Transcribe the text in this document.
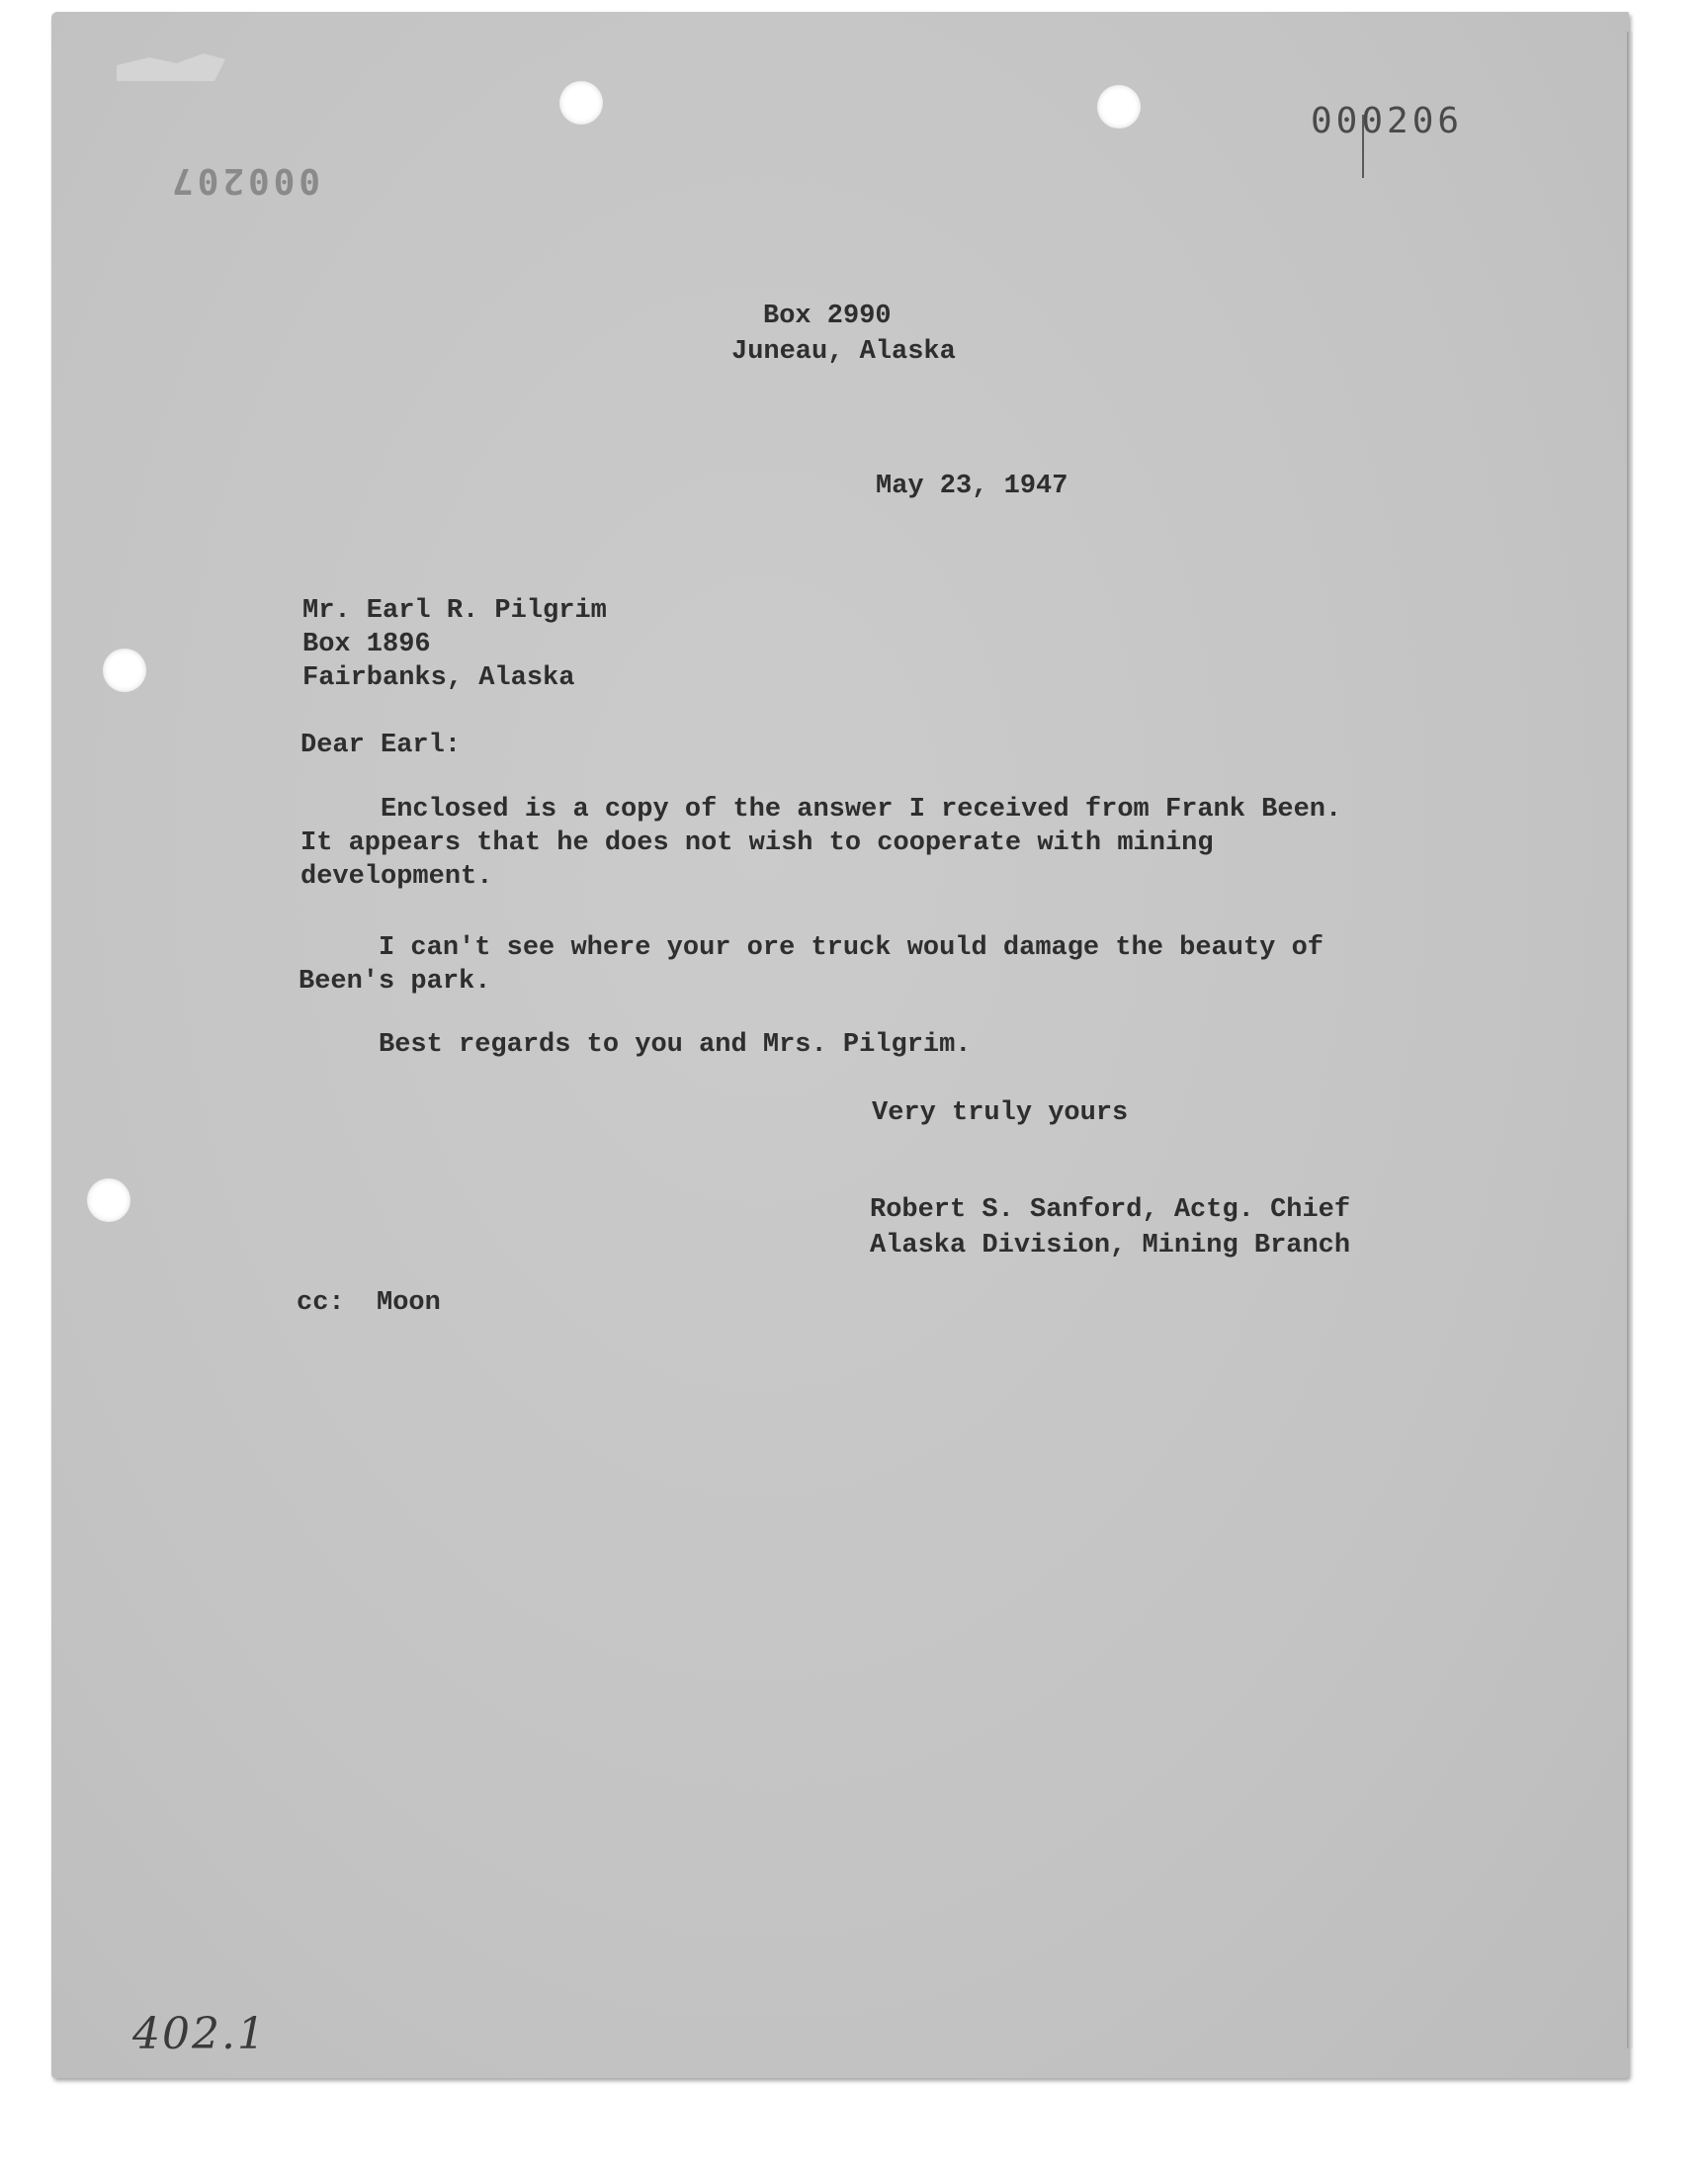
000206
000207
Box 2990
Juneau, Alaska
May 23, 1947
Mr. Earl R. Pilgrim
Box 1896
Fairbanks, Alaska
Dear Earl:
Enclosed is a copy of the answer I received from Frank Been.
It appears that he does not wish to cooperate with mining
development.
I can't see where your ore truck would damage the beauty of
Been's park.
Best regards to you and Mrs. Pilgrim.
Very truly yours
Robert S. Sanford, Actg. Chief
Alaska Division, Mining Branch
cc:  Moon
402.1
